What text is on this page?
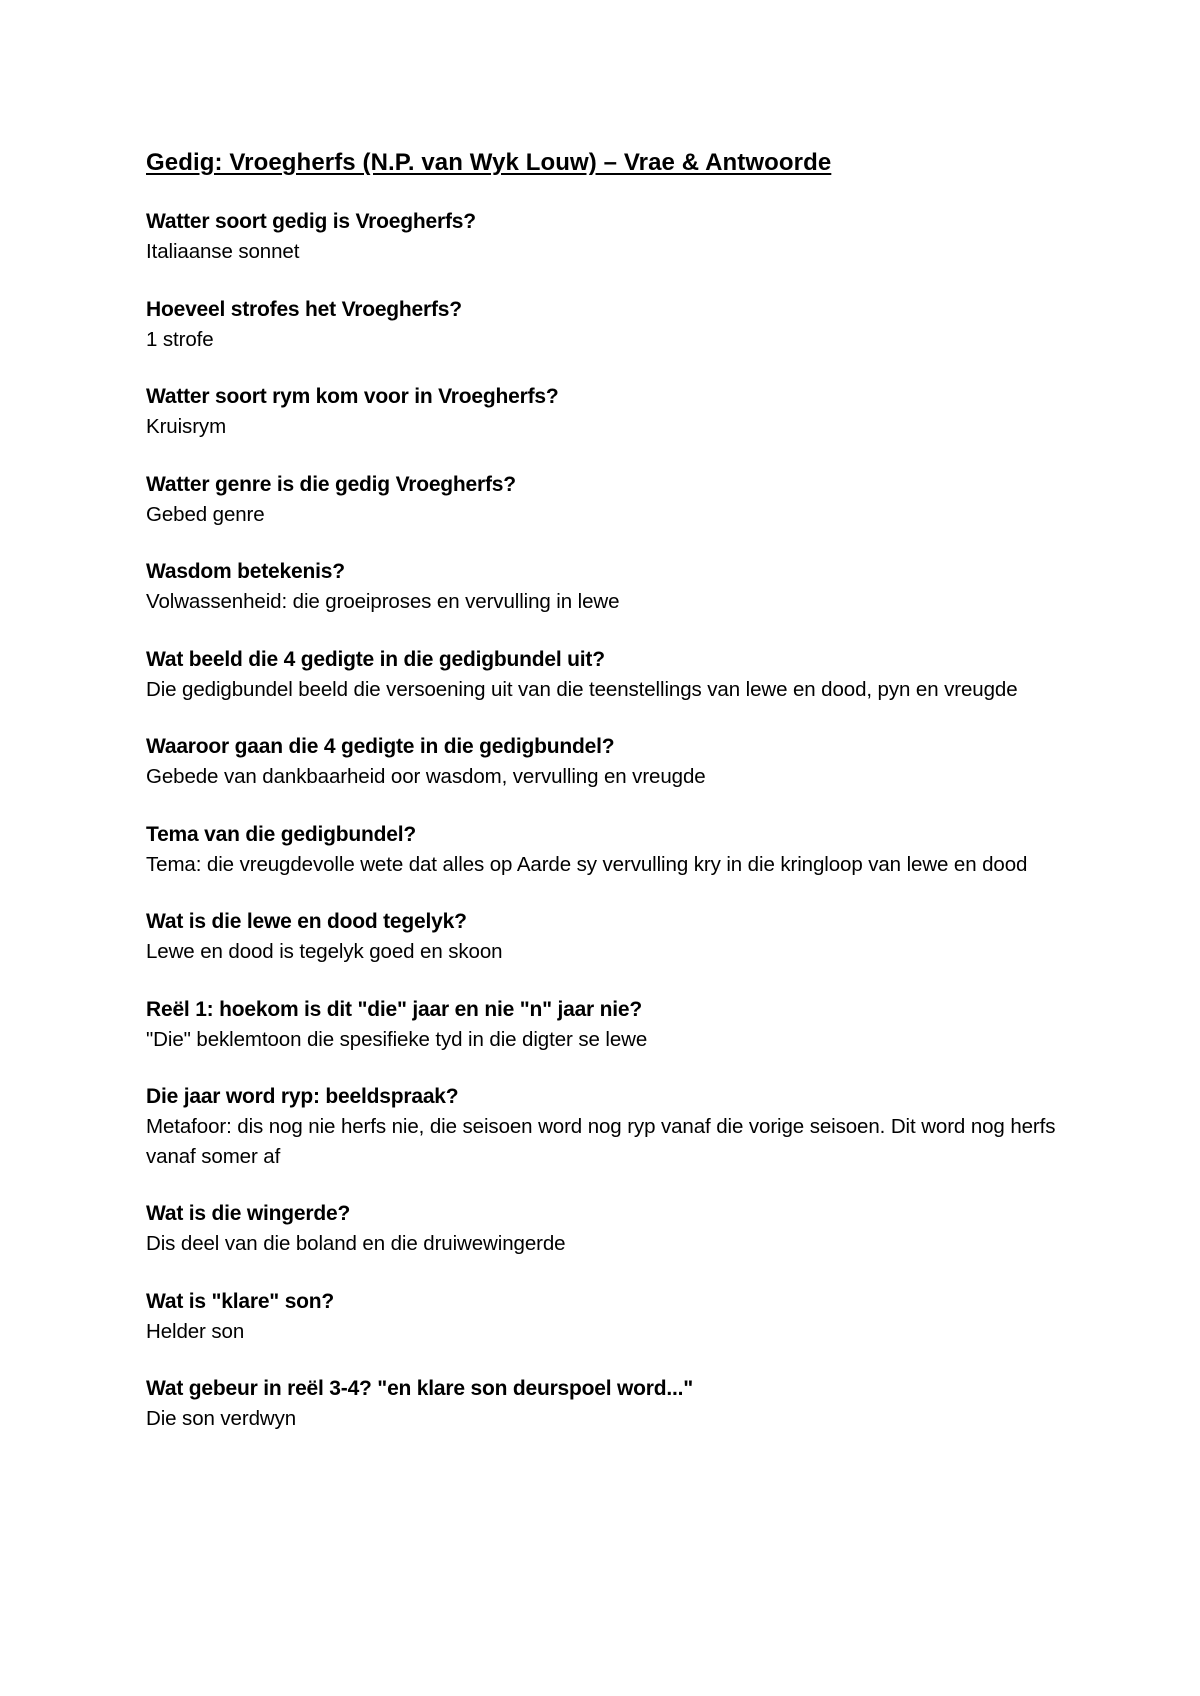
Gedig: Vroegherfs (N.P. van Wyk Louw) – Vrae & Antwoorde
Watter soort gedig is Vroegherfs?
Italiaanse sonnet
Hoeveel strofes het Vroegherfs?
1 strofe
Watter soort rym kom voor in Vroegherfs?
Kruisrym
Watter genre is die gedig Vroegherfs?
Gebed genre
Wasdom betekenis?
Volwassenheid: die groeiproses en vervulling in lewe
Wat beeld die 4 gedigte in die gedigbundel uit?
Die gedigbundel beeld die versoening uit van die teenstellings van lewe en dood, pyn en vreugde
Waaroor gaan die 4 gedigte in die gedigbundel?
Gebede van dankbaarheid oor wasdom, vervulling en vreugde
Tema van die gedigbundel?
Tema: die vreugdevolle wete dat alles op Aarde sy vervulling kry in die kringloop van lewe en dood
Wat is die lewe en dood tegelyk?
Lewe en dood is tegelyk goed en skoon
Reël 1: hoekom is dit "die" jaar en nie "n" jaar nie?
"Die" beklemtoon die spesifieke tyd in die digter se lewe
Die jaar word ryp: beeldspraak?
Metafoor: dis nog nie herfs nie, die seisoen word nog ryp vanaf die vorige seisoen. Dit word nog herfs vanaf somer af
Wat is die wingerde?
Dis deel van die boland en die druiwewingerde
Wat is "klare" son?
Helder son
Wat gebeur in reël 3-4? "en klare son deurspoel word..."
Die son verdwyn
